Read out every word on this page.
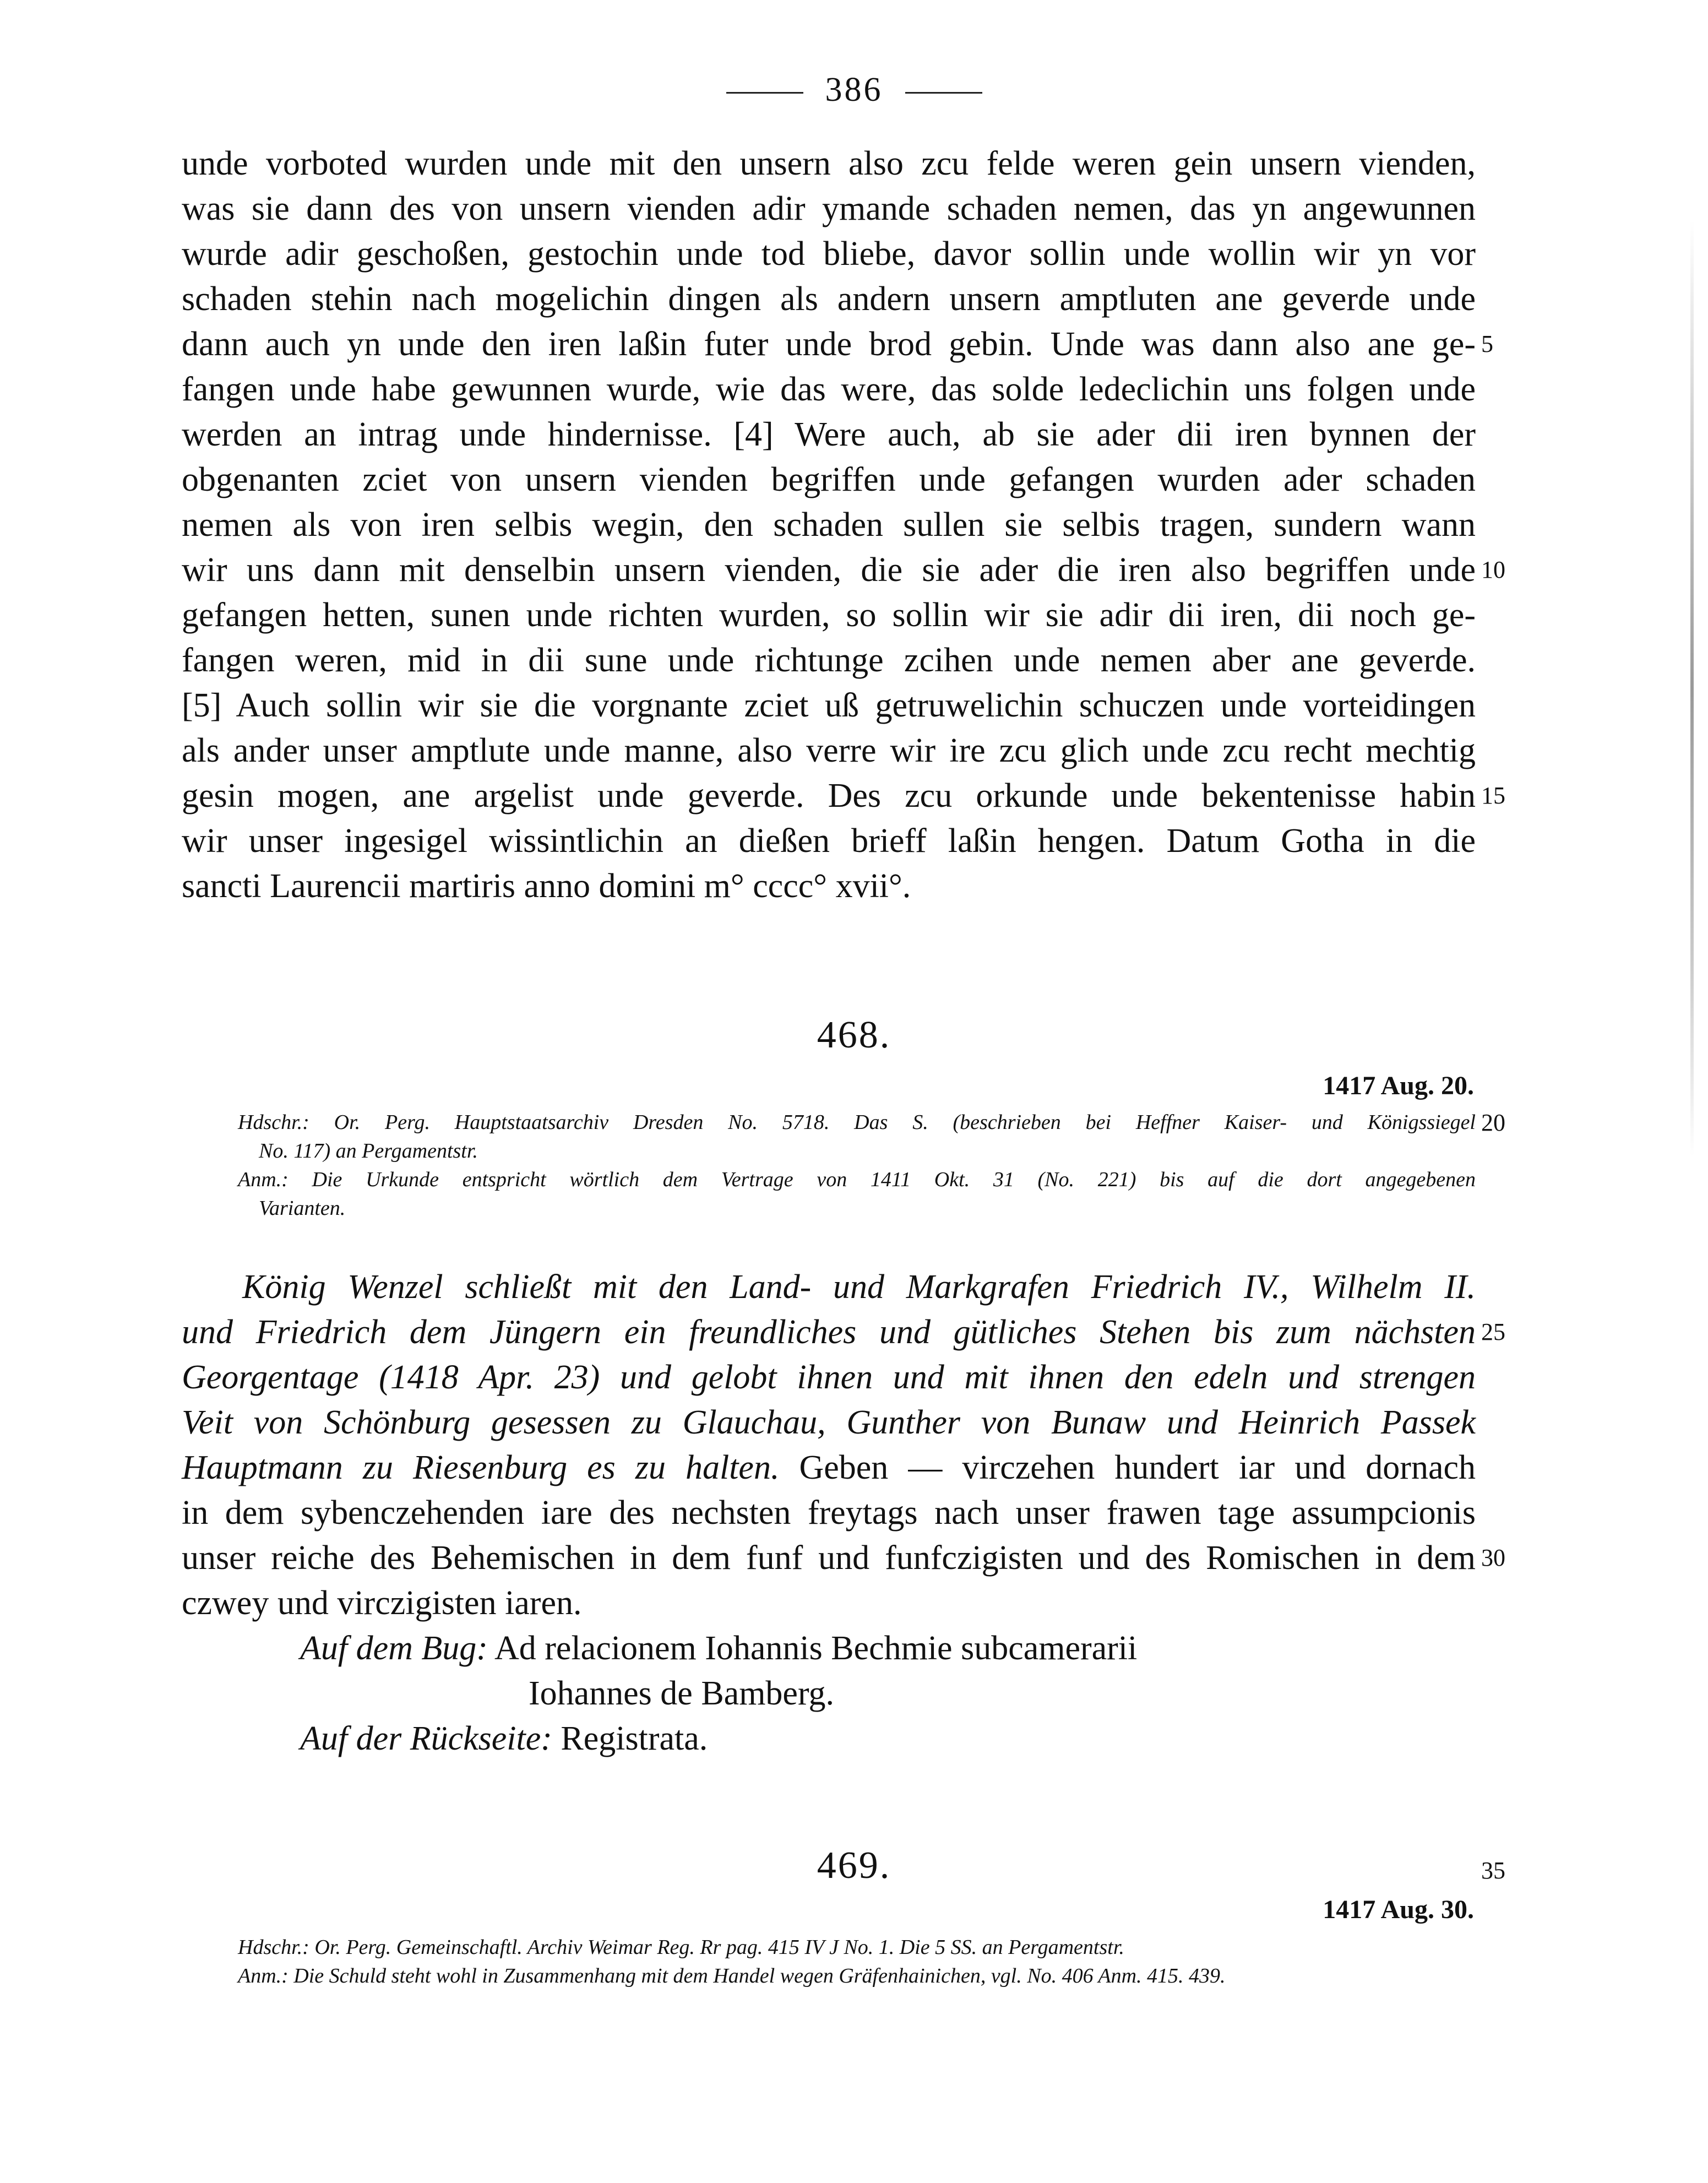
386
unde vorboted wurden unde mit den unsern also zcu felde weren gein unsern vienden,
was sie dann des von unsern vienden adir ymande schaden nemen, das yn angewunnen
wurde adir geschoßen, gestochin unde tod bliebe, davor sollin unde wollin wir yn vor
schaden stehin nach mogelichin dingen als andern unsern amptluten ane geverde unde
dann auch yn unde den iren laßin futer unde brod gebin. Unde was dann also ane ge-
fangen unde habe gewunnen wurde, wie das were, das solde ledeclichin uns folgen unde
werden an intrag unde hindernisse. [4] Were auch, ab sie ader dii iren bynnen der
obgenanten zciet von unsern vienden begriffen unde gefangen wurden ader schaden
nemen als von iren selbis wegin, den schaden sullen sie selbis tragen, sundern wann
wir uns dann mit denselbin unsern vienden, die sie ader die iren also begriffen unde
gefangen hetten, sunen unde richten wurden, so sollin wir sie adir dii iren, dii noch ge-
fangen weren, mid in dii sune unde richtunge zcihen unde nemen aber ane geverde.
[5] Auch sollin wir sie die vorgnante zciet uß getruwelichin schuczen unde vorteidingen
als ander unser amptlute unde manne, also verre wir ire zcu glich unde zcu recht mechtig
gesin mogen, ane argelist unde geverde. Des zcu orkunde unde bekentenisse habin
wir unser ingesigel wissintlichin an dießen brieff laßin hengen. Datum Gotha in die
sancti Laurencii martiris anno domini m° cccc° xvii°.
5
10
15
468.
1417 Aug. 20.
Hdschr.: Or. Perg. Hauptstaatsarchiv Dresden No. 5718. Das S. (beschrieben bei Heffner Kaiser- und Königssiegel
No. 117) an Pergamentstr.
Anm.: Die Urkunde entspricht wörtlich dem Vertrage von 1411 Okt. 31 (No. 221) bis auf die dort angegebenen
Varianten.
20
König Wenzel schließt mit den Land- und Markgrafen Friedrich IV., Wilhelm II.
und Friedrich dem Jüngern ein freundliches und gütliches Stehen bis zum nächsten
Georgentage (1418 Apr. 23) und gelobt ihnen und mit ihnen den edeln und strengen
Veit von Schönburg gesessen zu Glauchau, Gunther von Bunaw und Heinrich Passek
Hauptmann zu Riesenburg es zu halten. Geben — virczehen hundert iar und dornach
in dem sybenczehenden iare des nechsten freytags nach unser frawen tage assumpcionis
unser reiche des Behemischen in dem funf und funfczigisten und des Romischen in dem
czwey und virczigisten iaren.
25
30
Auf dem Bug: Ad relacionem Iohannis Bechmie subcamerarii
Iohannes de Bamberg.
Auf der Rückseite: Registrata.
469.	35
1417 Aug. 30.
Hdschr.: Or. Perg. Gemeinschaftl. Archiv Weimar Reg. Rr pag. 415 IV J No. 1. Die 5 SS. an Pergamentstr.
Anm.: Die Schuld steht wohl in Zusammenhang mit dem Handel wegen Gräfenhainichen, vgl. No. 406 Anm. 415. 439.
